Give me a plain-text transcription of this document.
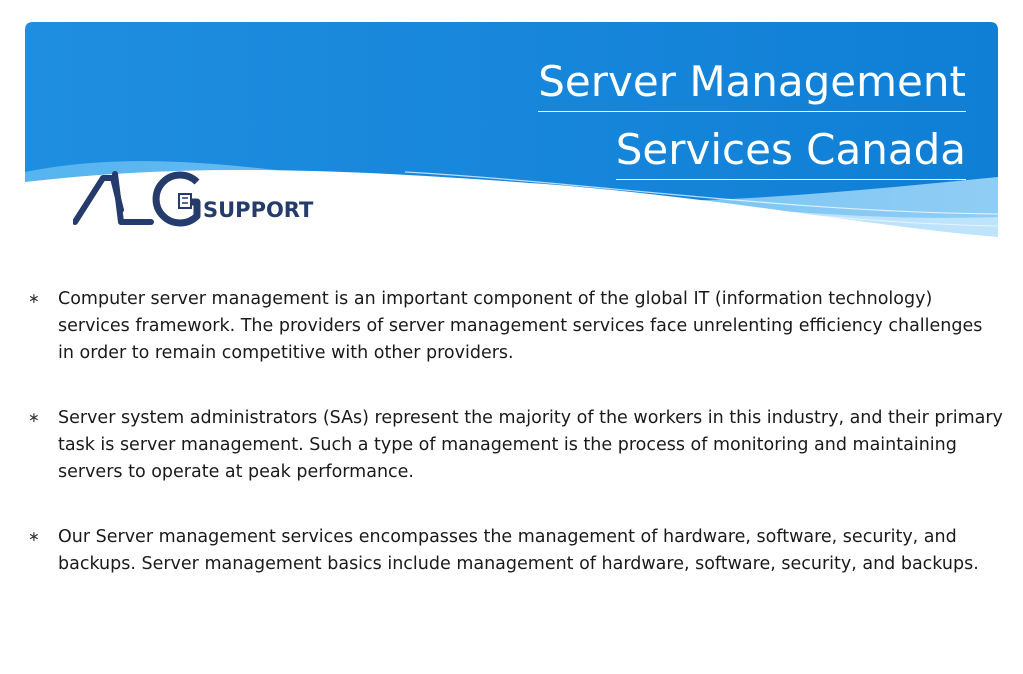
Server Management
Services Canada
SUPPORT
∗ Computer server management is an important component of the global IT (information technology) services framework. The providers of server management services face unrelenting efficiency challenges in order to remain competitive with other providers.
∗ Server system administrators (SAs) represent the majority of the workers in this industry, and their primary task is server management. Such a type of management is the process of monitoring and maintaining servers to operate at peak performance.
∗ Our Server management services encompasses the management of hardware, software, security, and backups. Server management basics include management of hardware, software, security, and backups.
